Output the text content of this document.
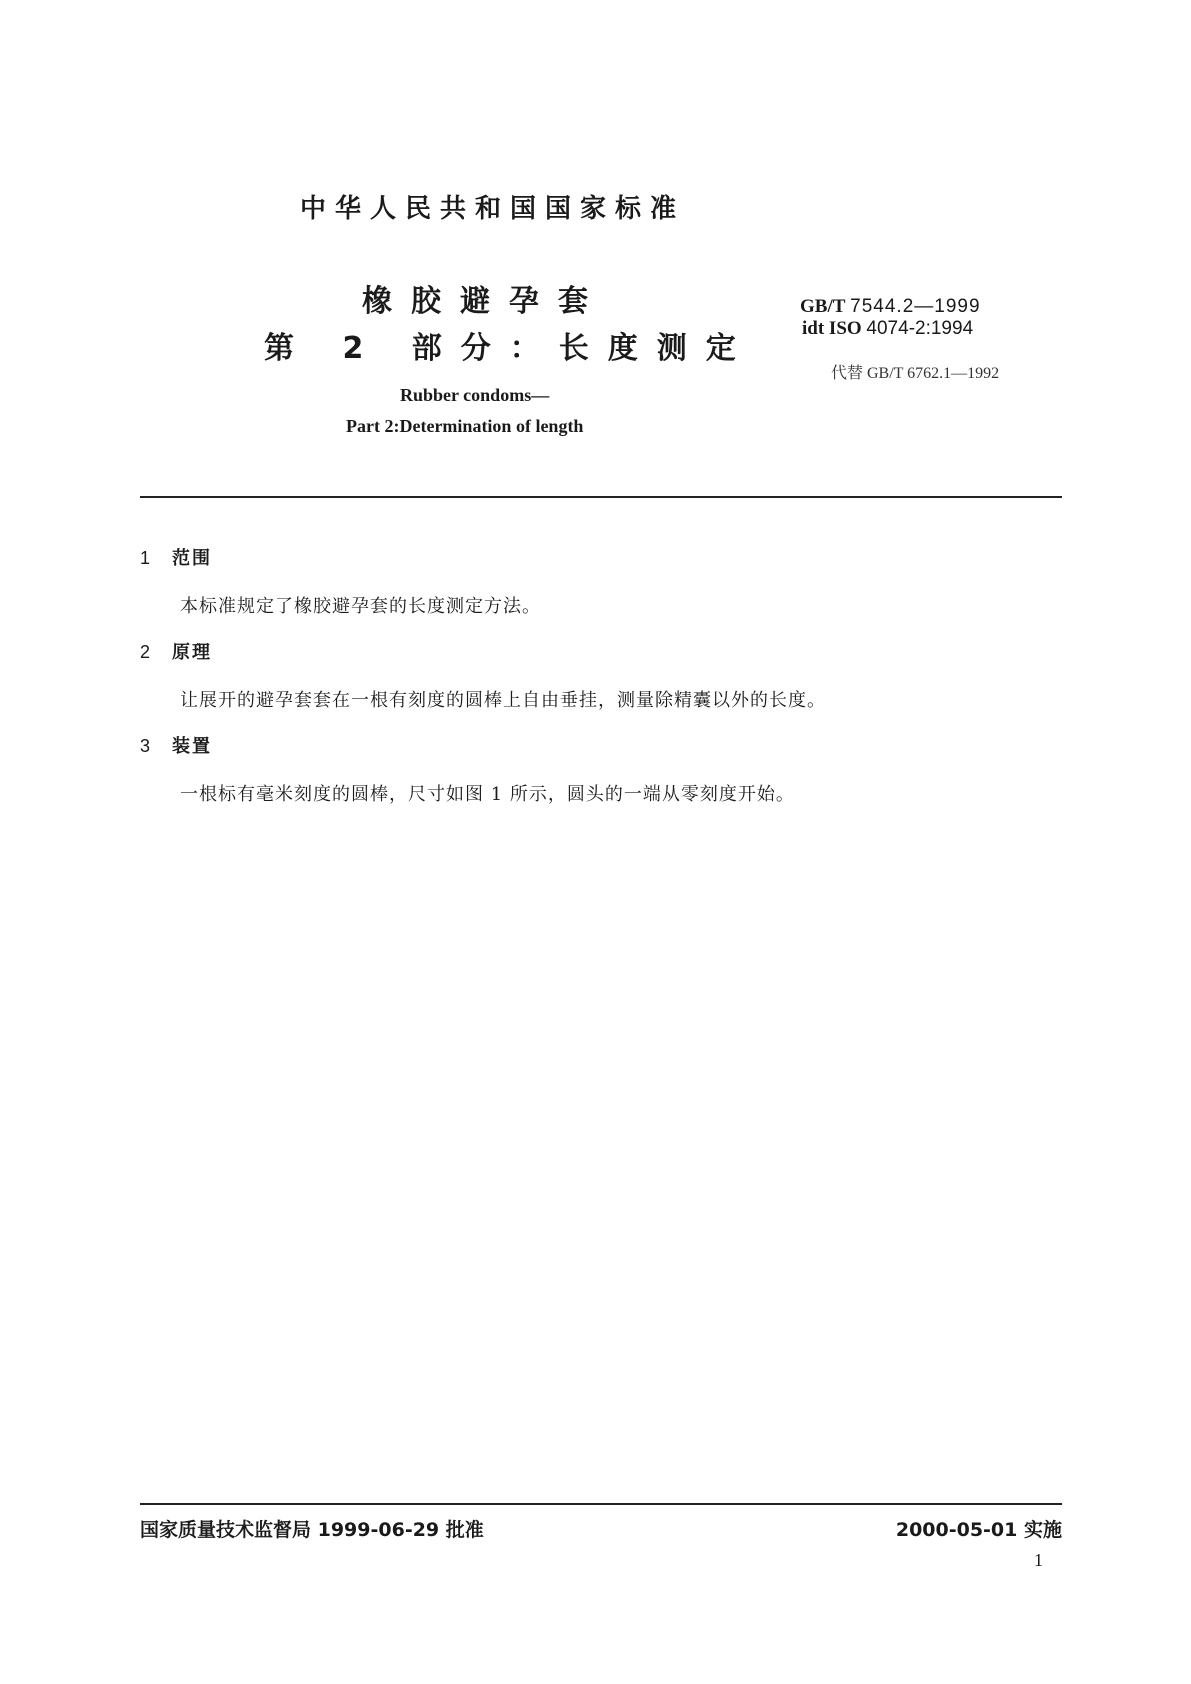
中华人民共和国国家标准
橡胶避孕套
第 2 部分：长度测定
GB/T 7544.2—1999
idt ISO 4074-2:1994
代替 GB/T 6762.1—1992
Rubber condoms—
Part 2:Determination of length
1 范围
本标准规定了橡胶避孕套的长度测定方法。
2 原理
让展开的避孕套套在一根有刻度的圆棒上自由垂挂，测量除精囊以外的长度。
3 装置
一根标有毫米刻度的圆棒，尺寸如图 1 所示，圆头的一端从零刻度开始。
国家质量技术监督局 1999-06-29 批准	2000-05-01 实施
1
